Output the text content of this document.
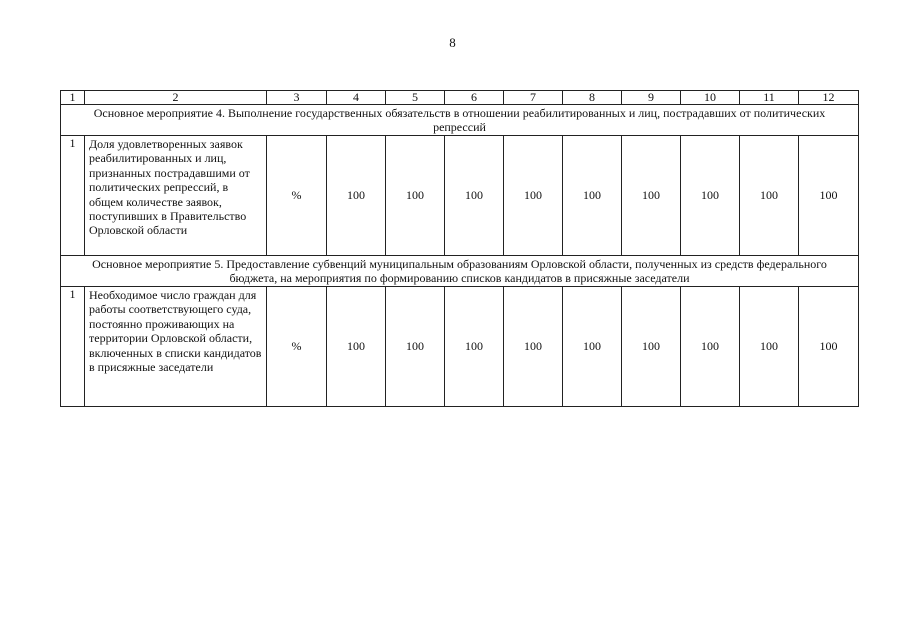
8
1	2	3	4	5	6	7	8	9	10	11	12
Основное мероприятие 4. Выполнение государственных обязательств в отношении реабилитированных и лиц, пострадавших от политических репрессий											
1	Доля удовлетворенных заявок реабилитированных и лиц, признанных пострадавшими от политических репрессий, в общем количестве заявок, поступивших в Правительство Орловской области	%	100	100	100	100	100	100	100	100	100
Основное мероприятие 5. Предоставление субвенций муниципальным образованиям Орловской области, полученных из средств федерального бюджета, на мероприятия по формированию списков кандидатов в присяжные заседатели											
1	Необходимое число граждан для работы соответствующего суда, постоянно проживающих на территории Орловской области, включенных в списки кандидатов в присяжные заседатели	%	100	100	100	100	100	100	100	100	100
